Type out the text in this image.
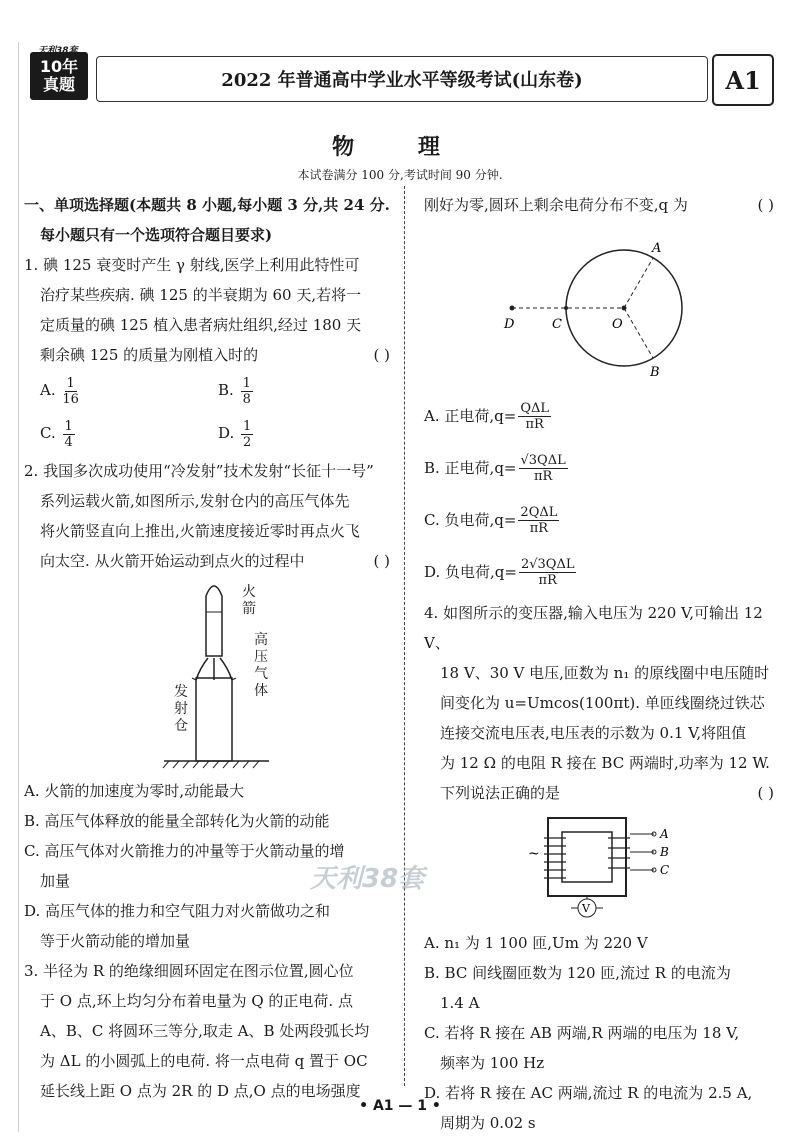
天利38套
10年
真题	2022 年普通高中学业水平等级考试(山东卷)	A1
物 理
本试卷满分 100 分,考试时间 90 分钟.

一、单项选择题(本题共 8 小题,每小题 3 分,共 24 分.

每小题只有一个选项符合题目要求)

1. 碘 125 衰变时产生 γ 射线,医学上利用此特性可

治疗某些疾病. 碘 125 的半衰期为 60 天,若将一

定质量的碘 125 植入患者病灶组织,经过 180 天

剩余碘 125 的质量为刚植入时的	( )

A. $\frac{1}{16}$	B. $\frac{1}{8}$
C. $\frac{1}{4}$	D. $\frac{1}{2}$

2. 我国多次成功使用“冷发射”技术发射“长征十一号”

系列运载火箭,如图所示,发射仓内的高压气体先

将火箭竖直向上推出,火箭速度接近零时再点火飞

向太空. 从火箭开始运动到点火的过程中	( )

火箭
高压气体
发射仓

A. 火箭的加速度为零时,动能最大

B. 高压气体释放的能量全部转化为火箭的动能

C. 高压气体对火箭推力的冲量等于火箭动量的增

加量

D. 高压气体的推力和空气阻力对火箭做功之和

等于火箭动能的增加量

3. 半径为 R 的绝缘细圆环固定在图示位置,圆心位

于 O 点,环上均匀分布着电量为 Q 的正电荷. 点

A、B、C 将圆环三等分,取走 A、B 处两段弧长均

为 ΔL 的小圆弧上的电荷. 将一点电荷 q 置于 OC

延长线上距 O 点为 2R 的 D 点,O 点的电场强度

刚好为零,圆环上剩余电荷分布不变,q 为	( )

A
B
C
D	O
A. 正电荷$,q= \frac{\text{QΔL}}{\pi R}$
B. 正电荷$,q= \frac{\text{√3QΔL}}{\pi R}$
C. 负电荷$,q= \frac{\text{2QΔL}}{\pi R}$
D. 负电荷$,q= \frac{\text{2√3QΔL}}{\pi R}$

4. 如图所示的变压器,输入电压为 220 V,可输出 12 V、

18 V、30 V 电压,匝数为 n₁ 的原线圈中电压随时

间变化为 u=Umcos(100πt). 单匝线圈绕过铁芯

连接交流电压表,电压表的示数为 0.1 V,将阻值

为 12 Ω 的电阻 R 接在 BC 两端时,功率为 12 W.

下列说法正确的是	( )

V
A
B
C
~

A. n₁ 为 1 100 匝,Um 为 220 V

B. BC 间线圈匝数为 120 匝,流过 R 的电流为

1.4 A

C. 若将 R 接在 AB 两端,R 两端的电压为 18 V,

频率为 100 Hz

D. 若将 R 接在 AC 两端,流过 R 的电流为 2.5 A,

周期为 0.02 s

天利38套
• A1 — 1 •
